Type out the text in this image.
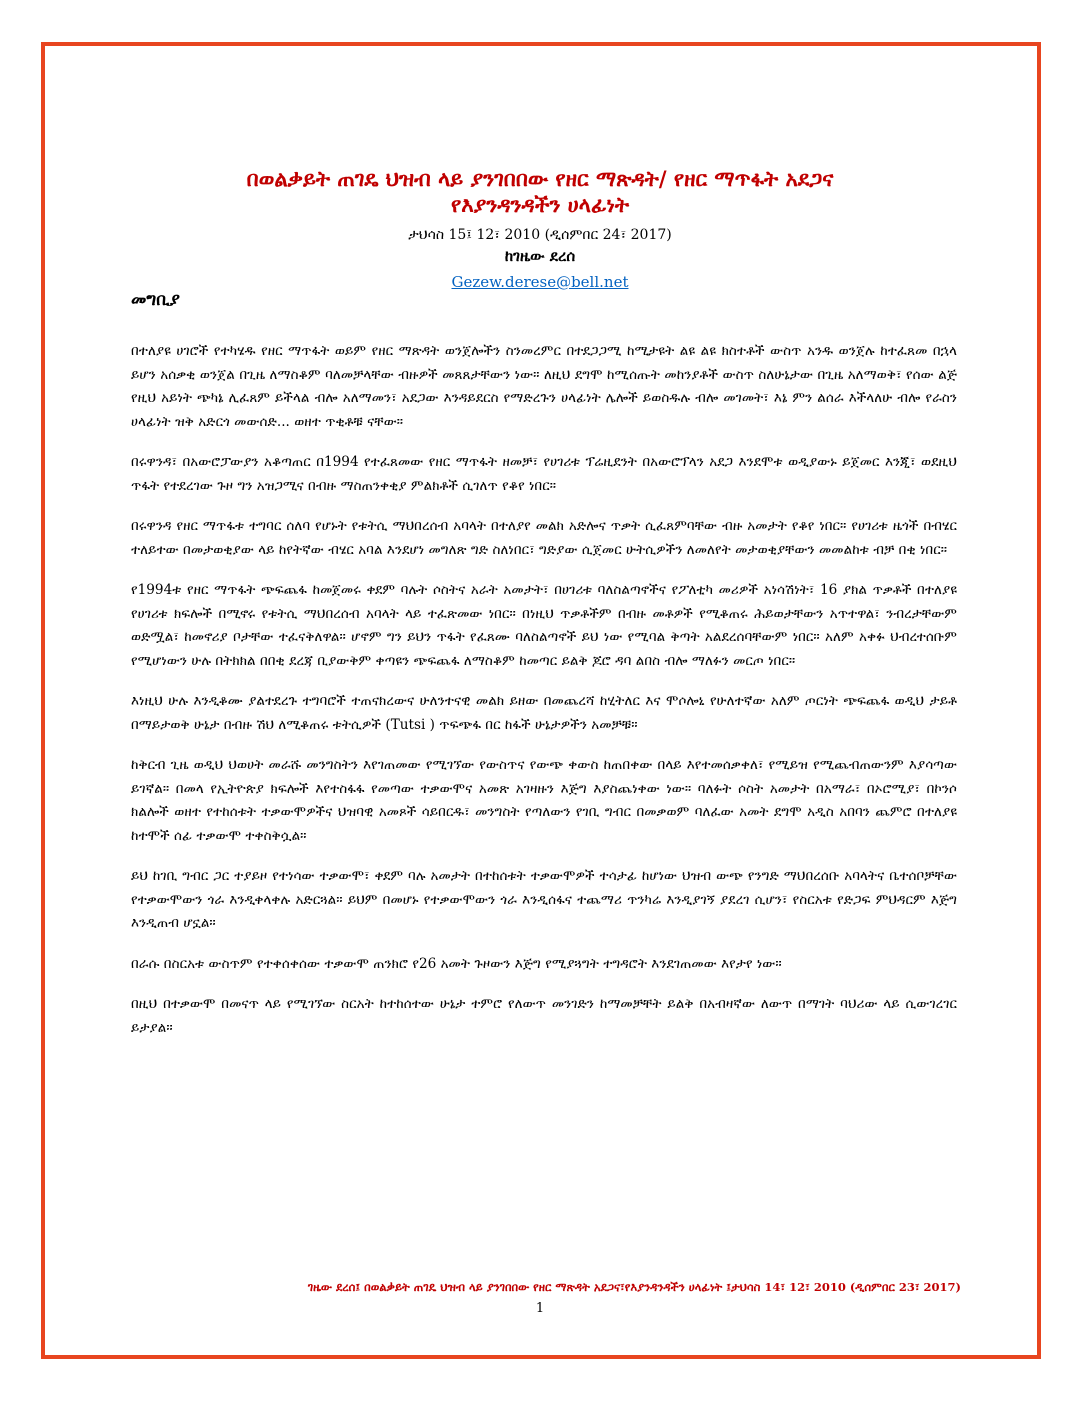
በወልቃይት ጠገዴ ህዝብ ላይ ያንገበበው የዘር ማጽዳት/ የዘር ማጥፋት አደጋና

የእያንዳንዳችን ሀላፊነት

ታህሳስ 15፤ 12፣ 2010 (ዲሰምበር 24፣ 2017)

ከገዜው ደረሰ

Gezew.derese@bell.net

መግቢያ

በተለያዩ ሀገሮች የተካሄዱ የዘር ማጥፋት ወይም የዘር ማጽዳት ወንጀሎችን ስንመረምር በተደጋጋሚ ከሚታዩት ልዩ ልዩ ክስተቶች ውስጥ አንዱ ወንጀሉ ከተፈጸመ በኋላ ይሆን አሰቃቂ ወንጀል በጊዜ ለማስቆም ባለመቻላቸው ብዙዎች መጸጸታቸውን ነው። ለዚህ ደግሞ ከሚሰጡት መከንያቶች ውስጥ ስለሁኔታው በጊዜ አለማወቅ፣ የሰው ልጅ የዚህ አይነት ጭካኔ ሊፈጸም ይችላል ብሎ አለማመን፣ አደጋው እንዳይደርስ የማድረጉን ሀላፊነት ሌሎች ይወስዱሉ ብሎ መገመት፣ እኔ ምን ልሰራ እችላለሁ ብሎ የራስን ሀላፊነት ዝቅ አድርጎ መውሰድ... ወዘተ ጥቂቶቹ ናቸው።

በሩዋንዳ፣ በአውሮፓውያን አቆጣጠር በ1994 የተፈጸመው የዘር ማጥፋት ዘመቻ፣ የሀገሪቱ ፕሬዚደንት በአውሮፕላን አደጋ እንደሞቱ ወዲያውኑ ይጀመር እንጂ፣ ወደዚህ ጥፋት የተደረገው ጉዞ ግን አዝጋሚና በብዙ ማስጠንቀቂያ ምልክቶች ሲገለጥ የቆየ ነበር።

በሩዋንዳ የዘር ማጥፋቱ ተግባር ሰለባ የሆኑት የቱትሲ ማህበረሰብ አባላት በተለያየ መልክ አድሎና ጥቃት ሲፈጸምባቸው ብዙ አመታት የቆየ ነበር። የሀገሪቱ ዜጎች በብሄር ተለይተው በመታወቂያው ላይ ከየትኛው ብሄር አባል እንደሆነ መግለጽ ግድ ስለነበር፣ ግድያው ሲጀመር ሁትሲዎችን ለመለየት መታወቂያቸውን መመልከቱ ብቻ በቂ ነበር።

የ1994ቱ የዘር ማጥፋት ጭፍጨፋ ከመጀመሩ ቀደም ባሉት ሶስትና አራት አመታት፣ በሀገሪቱ ባለስልጣኖችና የፖለቲካ መሪዎች አነሳሽነት፣ 16 ያክል ጥቃቶች በተለያዩ የሀገሪቱ ክፍሎች በሚኖሩ የቱትሲ ማህበረሰብ አባላት ላይ ተፈጽመው ነበር። በነዚህ ጥቃቶችም በብዙ መቶዎች የሚቆጠሩ ሕይወታቸውን አጥተዋል፣ ንብረታቸውም ወድሟል፣ ከመኖሪያ ቦታቸው ተፈናቅለዋል። ሆኖም ግን ይህን ጥፋት የፈጸሙ ባለስልጣኖች ይህ ነው የሚባል ቅጣት አልደረሰባቸውም ነበር። አለም አቀፉ ህብረተሰቡም የሚሆነውን ሁሉ በትክክል በበቂ ደረጃ ቢያውቅም ቀጣዩን ጭፍጨፋ ለማስቆም ከመጣር ይልቅ ጆሮ ዳባ ልበስ ብሎ ማለፉን መርጦ ነበር።

እነዚህ ሁሉ እንዲቆሙ ያልተደረጉ ተግባሮች ተጠናክረውና ሁለንተናዊ መልክ ይዘው በመጨረሻ ከሂትለር እና ሞሶሎኒ የሁለተኛው አለም ጦርነት ጭፍጨፋ ወዲህ ታይቶ በማይታወቅ ሁኔታ በብዙ ሽህ ለሚቆጠሩ ቱትሲዎች (Tutsi ) ጥፍጭፋ በር ከፋች ሁኔታዎችን አመቻቹ።

ከቅርብ ጊዜ ወዲህ ህወሀት መራሹ መንግስትን እየገጠመው የሚገኘው የውስጥና የውጭ ቀውስ ከጠበቀው በላይ እየተመሰቃቀለ፣ የሚይዝ የሚጨብጠውንም እያሳጣው ይገኛል። በመላ የኢትዮጵያ ክፍሎች እየተስፋፋ የመጣው ተቃውሞና አመጽ አገዛዙን እጅግ እያስጨነቀው ነው። ባለፉት ሶስት አመታት በአማራ፣ በኦሮሚያ፣ በኮንሶ ክልሎች ወዘተ የተከሰቱት ተቃውሞዎችና ህዝባዊ አመጾች ሳይበርዱ፣ መንግስት የጣለውን የገቢ ግብር በመቃወም ባለፈው አመት ደግሞ አዲስ አበባን ጨምሮ በተለያዩ ከተሞች ሰፊ ተቃውሞ ተቀስቅሷል።

ይህ ከገቢ ግብር ጋር ተያይዞ የተነሳው ተቃውሞ፣ ቀደም ባሉ አመታት በተከሰቱት ተቃውሞዎች ተሳታፊ ከሆነው ህዝብ ውጭ የንግድ ማህበረሰቡ አባላትና ቤተሰቦቻቸው የተቃውሞውን ጎራ እንዲቀላቀሉ አድርጓል። ይህም በመሆኑ የተቃውሞውን ጎራ እንዲሰፋና ተጨማሪ ጥንካሬ እንዲያገኝ ያደረገ ሲሆን፣ የስርአቱ የድጋፍ ምህዳርም እጅግ እንዲጠብ ሆኗል።

በራሱ በስርአቱ ውስጥም የተቀሰቀሰው ተቃውሞ ጠንክሮ የ26 አመት ጉዞውን እጅግ የሚያጓግት ተግዳሮት እንደገጠመው እየታየ ነው።

በዚህ በተቃውሞ በመናጥ ላይ የሚገኘው ስርአት ከተከሰተው ሁኔታ ተምሮ የለውጥ መንገድን ከማመቻቸት ይልቅ በአብዛኛው ለውጥ በማገት ባህሪው ላይ ሲውገረገር ይታያል።

ገዜው ደረሰ፤ በወልቃይት ጠገዴ ህዝብ ላይ ያንገበበው የዘር ማጽዳት አደጋና፣የእያንዳንዳችን ሀላፊነት ፤ታህሳስ 14፣ 12፣ 2010 (ዲሰምበር 23፣ 2017)
1
